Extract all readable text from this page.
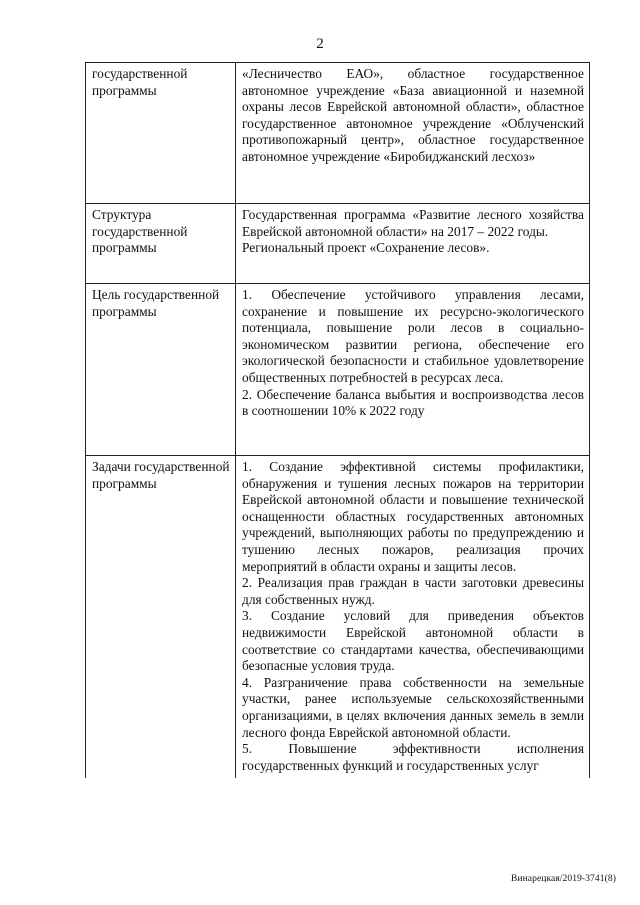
2
государственной программы	«Лесничество ЕАО», областное государственное автономное учреждение «База авиационной и наземной охраны лесов Еврейской автономной области», областное государственное автономное учреждение «Облученский противопожарный центр», областное государственное автономное учреждение «Биробиджанский лесхоз»

Структура государственной программы	Государственная программа «Развитие лесного хозяйства Еврейской автономной области» на 2017 – 2022 годы.

Региональный проект «Сохранение лесов».

Цель государственной программы	1. Обеспечение устойчивого управления лесами, сохранение и повышение их ресурсно-экологического потенциала, повышение роли лесов в социально-экономическом развитии региона, обеспечение его экологической безопасности и стабильное удовлетворение общественных потребностей в ресурсах леса.

2. Обеспечение баланса выбытия и воспроизводства лесов в соотношении 10% к 2022 году

Задачи государственной программы	1. Создание эффективной системы профилактики, обнаружения и тушения лесных пожаров на территории Еврейской автономной области и повышение технической оснащенности областных государственных автономных учреждений, выполняющих работы по предупреждению и тушению лесных пожаров, реализация прочих мероприятий в области охраны и защиты лесов.

2. Реализация прав граждан в части заготовки древесины для собственных нужд.

3. Создание условий для приведения объектов недвижимости Еврейской автономной области в соответствие со стандартами качества, обеспечивающими безопасные условия труда.

4. Разграничение права собственности на земельные участки, ранее используемые сельскохозяйственными организациями, в целях включения данных земель в земли лесного фонда Еврейской автономной области.

5. Повышение эффективности исполнения государственных функций и государственных услуг

Винарецкая/2019-3741(8)
